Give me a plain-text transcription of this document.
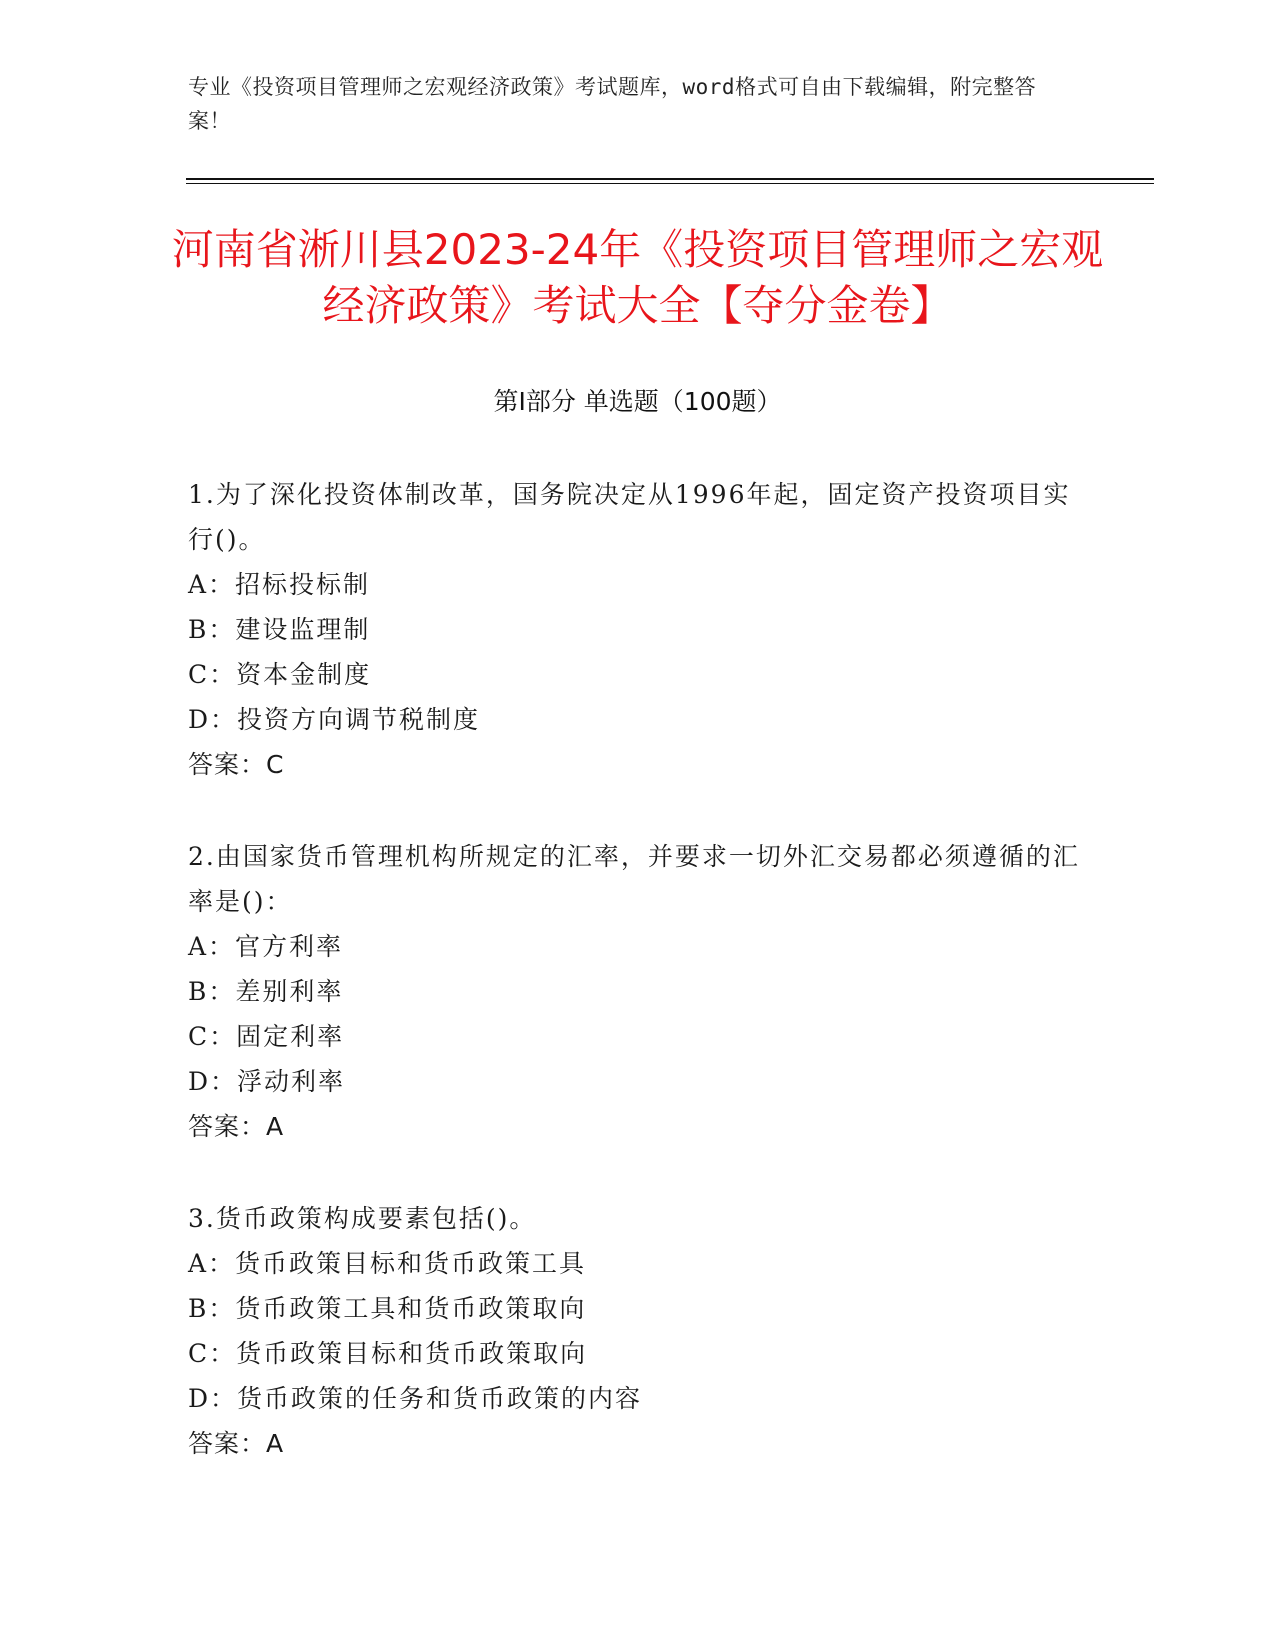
专业《投资项目管理师之宏观经济政策》考试题库，word格式可自由下载编辑，附完整答案！
河南省淅川县2023-24年《投资项目管理师之宏观经济政策》考试大全【夺分金卷】
第Ⅰ部分 单选题（100题）

1.为了深化投资体制改革，国务院决定从1996年起，固定资产投资项目实行()。

A：招标投标制

B：建设监理制

C：资本金制度

D：投资方向调节税制度

答案：C

2.由国家货币管理机构所规定的汇率，并要求一切外汇交易都必须遵循的汇率是()：

A：官方利率

B：差别利率

C：固定利率

D：浮动利率

答案：A

3.货币政策构成要素包括()。

A：货币政策目标和货币政策工具

B：货币政策工具和货币政策取向

C：货币政策目标和货币政策取向

D：货币政策的任务和货币政策的内容

答案：A
